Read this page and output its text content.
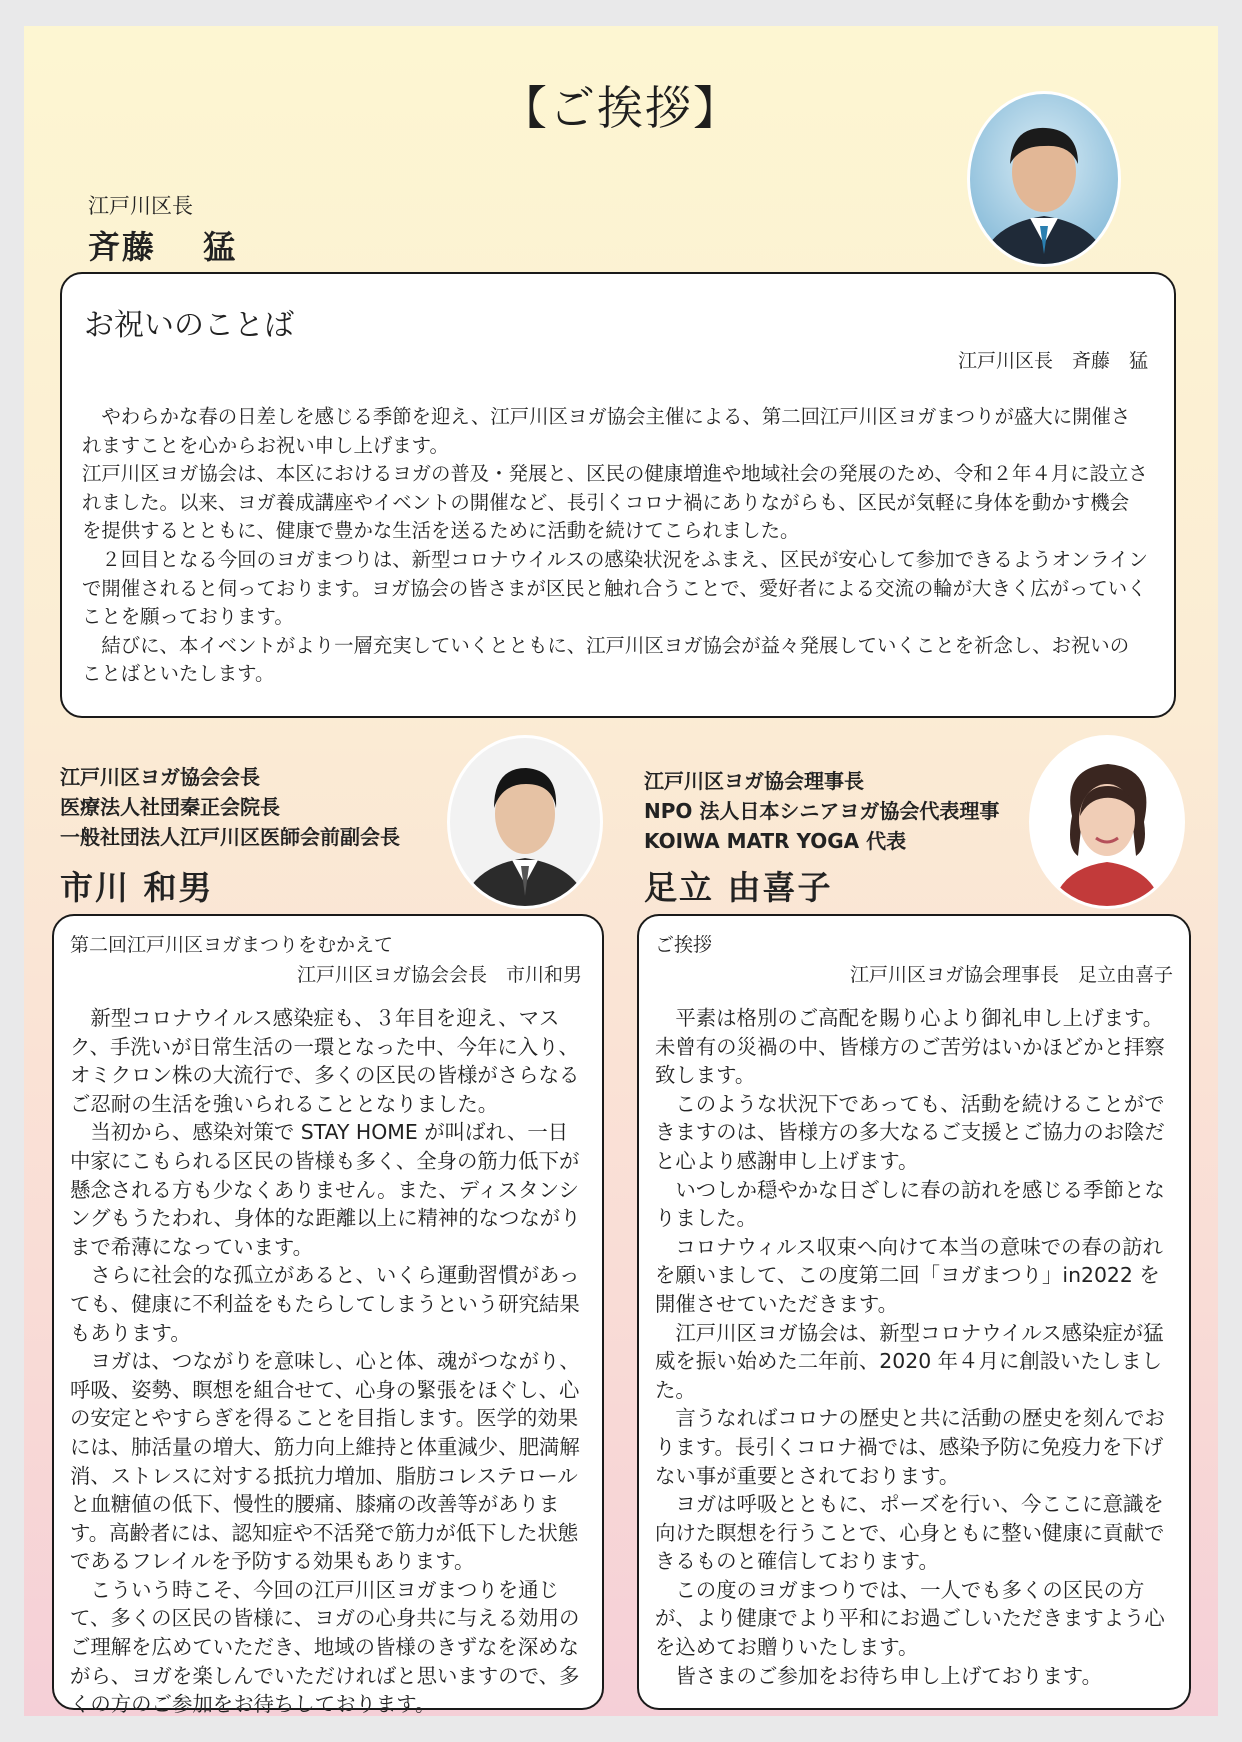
【ご挨拶】
江戸川区長
斉藤　 猛
お祝いのことば
江戸川区長　斉藤　猛

　やわらかな春の日差しを感じる季節を迎え、江戸川区ヨガ協会主催による、第二回江戸川区ヨガまつりが盛大に開催されますことを心からお祝い申し上げます。

江戸川区ヨガ協会は、本区におけるヨガの普及・発展と、区民の健康増進や地域社会の発展のため、令和２年４月に設立されました。以来、ヨガ養成講座やイベントの開催など、長引くコロナ禍にありながらも、区民が気軽に身体を動かす機会を提供するとともに、健康で豊かな生活を送るために活動を続けてこられました。

　２回目となる今回のヨガまつりは、新型コロナウイルスの感染状況をふまえ、区民が安心して参加できるようオンラインで開催されると伺っております。ヨガ協会の皆さまが区民と触れ合うことで、愛好者による交流の輪が大きく広がっていくことを願っております。

　結びに、本イベントがより一層充実していくとともに、江戸川区ヨガ協会が益々発展していくことを祈念し、お祝いのことばといたします。

江戸川区ヨガ協会会長
医療法人社団秦正会院長
一般社団法人江戸川区医師会前副会長
市川 和男
江戸川区ヨガ協会理事長
NPO 法人日本シニアヨガ協会代表理事
KOIWA MATR YOGA 代表
足立 由喜子
第二回江戸川区ヨガまつりをむかえて
江戸川区ヨガ協会会長　市川和男

　新型コロナウイルス感染症も、３年目を迎え、マスク、手洗いが日常生活の一環となった中、今年に入り、オミクロン株の大流行で、多くの区民の皆様がさらなるご忍耐の生活を強いられることとなりました。

　当初から、感染対策で STAY HOME が叫ばれ、一日中家にこもられる区民の皆様も多く、全身の筋力低下が懸念される方も少なくありません。また、ディスタンシングもうたわれ、身体的な距離以上に精神的なつながりまで希薄になっています。

　さらに社会的な孤立があると、いくら運動習慣があっても、健康に不利益をもたらしてしまうという研究結果もあります。

　ヨガは、つながりを意味し、心と体、魂がつながり、呼吸、姿勢、瞑想を組合せて、心身の緊張をほぐし、心の安定とやすらぎを得ることを目指します。医学的効果には、肺活量の増大、筋力向上維持と体重減少、肥満解消、ストレスに対する抵抗力増加、脂肪コレステロールと血糖値の低下、慢性的腰痛、膝痛の改善等があります。高齢者には、認知症や不活発で筋力が低下した状態であるフレイルを予防する効果もあります。

　こういう時こそ、今回の江戸川区ヨガまつりを通じて、多くの区民の皆様に、ヨガの心身共に与える効用のご理解を広めていただき、地域の皆様のきずなを深めながら、ヨガを楽しんでいただければと思いますので、多くの方のご参加をお待ちしております。

ご挨拶
江戸川区ヨガ協会理事長　足立由喜子

　平素は格別のご高配を賜り心より御礼申し上げます。未曾有の災禍の中、皆様方のご苦労はいかほどかと拝察致します。

　このような状況下であっても、活動を続けることができますのは、皆様方の多大なるご支援とご協力のお陰だと心より感謝申し上げます。

　いつしか穏やかな日ざしに春の訪れを感じる季節となりました。

　コロナウィルス収束へ向けて本当の意味での春の訪れを願いまして、この度第二回「ヨガまつり」in2022 を開催させていただきます。

　江戸川区ヨガ協会は、新型コロナウイルス感染症が猛威を振い始めた二年前、2020 年４月に創設いたしました。

　言うなればコロナの歴史と共に活動の歴史を刻んでおります。長引くコロナ禍では、感染予防に免疫力を下げない事が重要とされております。

　ヨガは呼吸とともに、ポーズを行い、今ここに意識を向けた瞑想を行うことで、心身ともに整い健康に貢献できるものと確信しております。

　この度のヨガまつりでは、一人でも多くの区民の方が、より健康でより平和にお過ごしいただきますよう心を込めてお贈りいたします。

　皆さまのご参加をお待ち申し上げております。
